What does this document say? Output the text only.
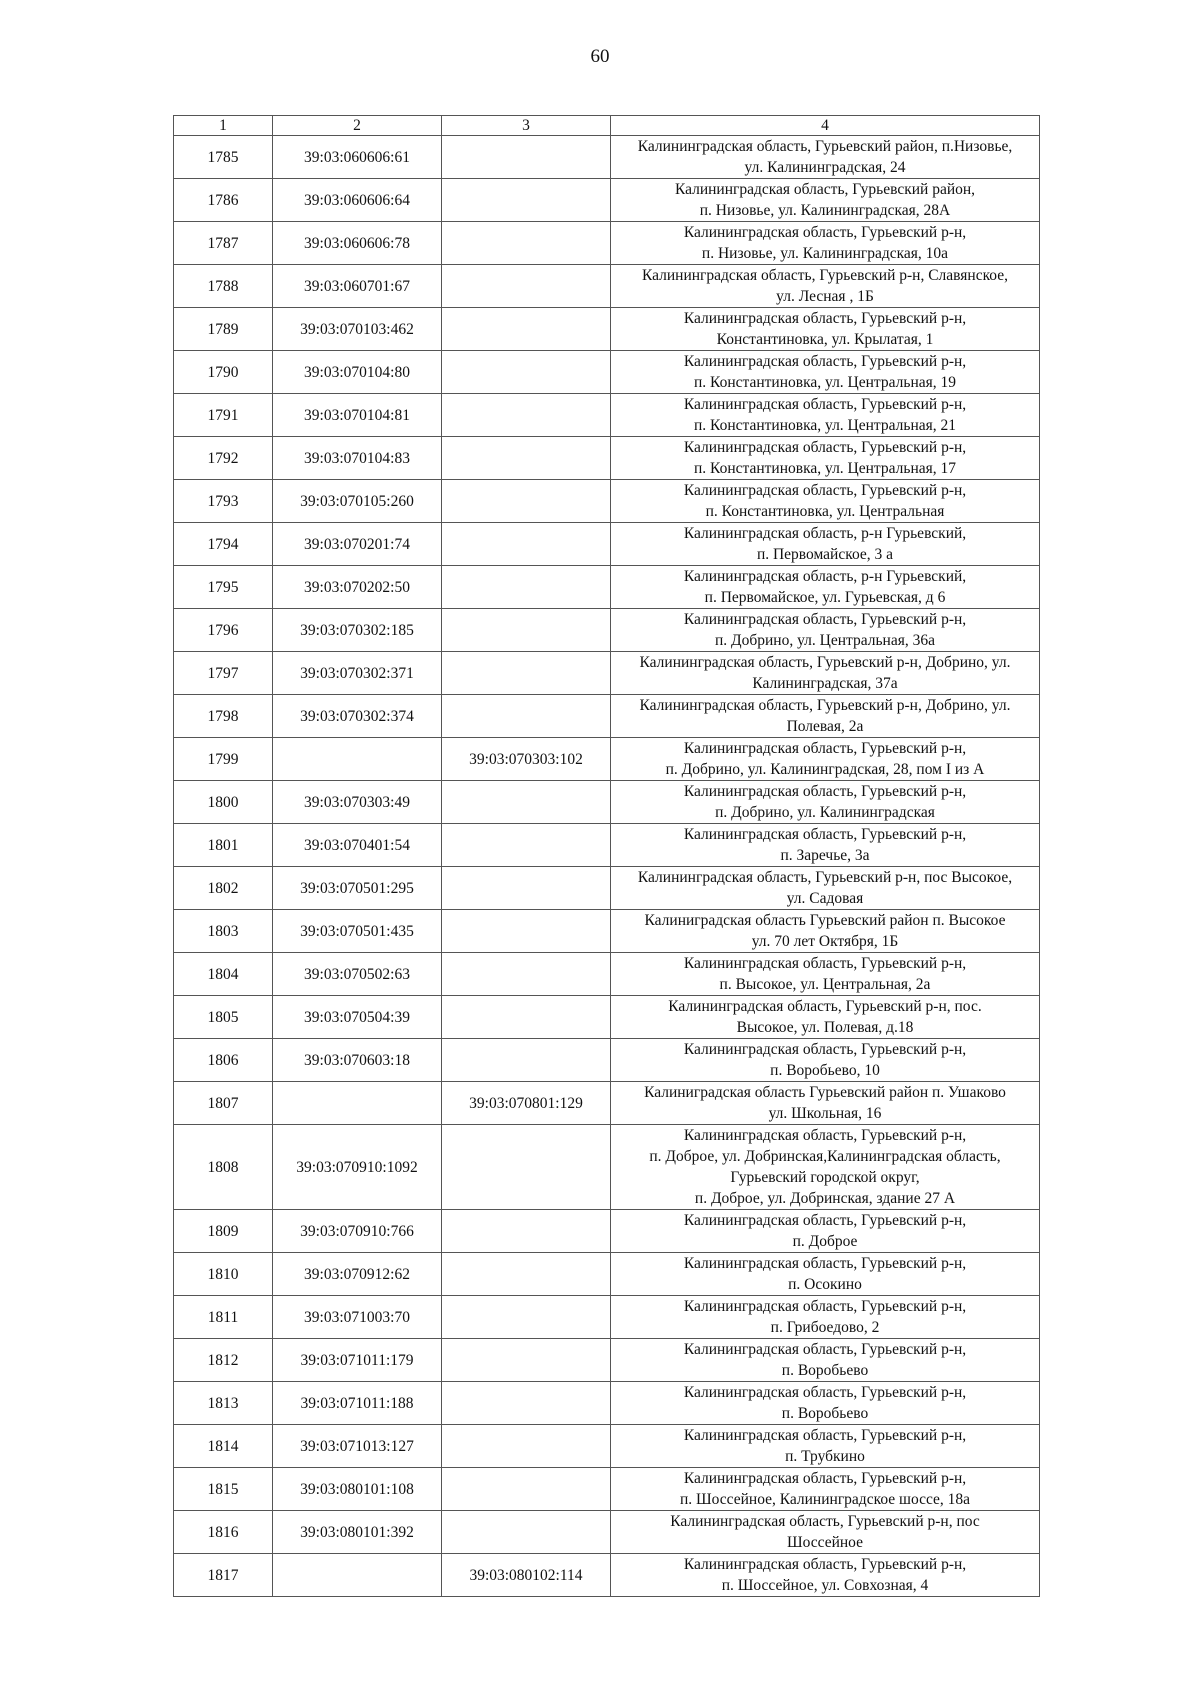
60
1	2	3	4
1785	39:03:060606:61		Калининградская область, Гурьевский район, п.Низовье,
ул. Калининградская, 24
1786	39:03:060606:64		Калининградская область, Гурьевский район,
п. Низовье, ул. Калининградская, 28А
1787	39:03:060606:78		Калининградская область, Гурьевский р-н,
п. Низовье, ул. Калининградская, 10а
1788	39:03:060701:67		Калининградская область, Гурьевский р-н, Славянское,
ул. Лесная , 1Б
1789	39:03:070103:462		Калининградская область, Гурьевский р-н,
Константиновка, ул. Крылатая, 1
1790	39:03:070104:80		Калининградская область, Гурьевский р-н,
п. Константиновка, ул. Центральная, 19
1791	39:03:070104:81		Калининградская область, Гурьевский р-н,
п. Константиновка, ул. Центральная, 21
1792	39:03:070104:83		Калининградская область, Гурьевский р-н,
п. Константиновка, ул. Центральная, 17
1793	39:03:070105:260		Калининградская область, Гурьевский р-н,
п. Константиновка, ул. Центральная
1794	39:03:070201:74		Калининградская область, р-н Гурьевский,
п. Первомайское, 3 а
1795	39:03:070202:50		Калининградская область, р-н Гурьевский,
п. Первомайское, ул. Гурьевская, д 6
1796	39:03:070302:185		Калининградская область, Гурьевский р-н,
п. Добрино, ул. Центральная, 36а
1797	39:03:070302:371		Калининградская область, Гурьевский р-н, Добрино, ул.
Калининградская, 37а
1798	39:03:070302:374		Калининградская область, Гурьевский р-н, Добрино, ул.
Полевая, 2а
1799		39:03:070303:102	Калининградская область, Гурьевский р-н,
п. Добрино, ул. Калининградская, 28, пом I из А
1800	39:03:070303:49		Калининградская область, Гурьевский р-н,
п. Добрино, ул. Калининградская
1801	39:03:070401:54		Калининградская область, Гурьевский р-н,
п. Заречье, 3а
1802	39:03:070501:295		Калининградская область, Гурьевский р-н, пос Высокое,
ул. Садовая
1803	39:03:070501:435		Калиниградская область Гурьевский район п. Высокое
ул. 70 лет Октября, 1Б
1804	39:03:070502:63		Калининградская область, Гурьевский р-н,
п. Высокое, ул. Центральная, 2а
1805	39:03:070504:39		Калининградская область, Гурьевский р-н, пос.
Высокое, ул. Полевая, д.18
1806	39:03:070603:18		Калининградская область, Гурьевский р-н,
п. Воробьево, 10
1807		39:03:070801:129	Калиниградская область Гурьевский район п. Ушаково
ул. Школьная, 16
1808	39:03:070910:1092		Калининградская область, Гурьевский р-н,
п. Доброе, ул. Добринская,Калининградская область,
Гурьевский городской округ,
п. Доброе, ул. Добринская, здание 27 А
1809	39:03:070910:766		Калининградская область, Гурьевский р-н,
п. Доброе
1810	39:03:070912:62		Калининградская область, Гурьевский р-н,
п. Осокино
1811	39:03:071003:70		Калининградская область, Гурьевский р-н,
п. Грибоедово, 2
1812	39:03:071011:179		Калининградская область, Гурьевский р-н,
п. Воробьево
1813	39:03:071011:188		Калининградская область, Гурьевский р-н,
п. Воробьево
1814	39:03:071013:127		Калининградская область, Гурьевский р-н,
п. Трубкино
1815	39:03:080101:108		Калининградская область, Гурьевский р-н,
п. Шоссейное, Калининградское шоссе, 18а
1816	39:03:080101:392		Калининградская область, Гурьевский р-н, пос
Шоссейное
1817		39:03:080102:114	Калининградская область, Гурьевский р-н,
п. Шоссейное, ул. Совхозная, 4
